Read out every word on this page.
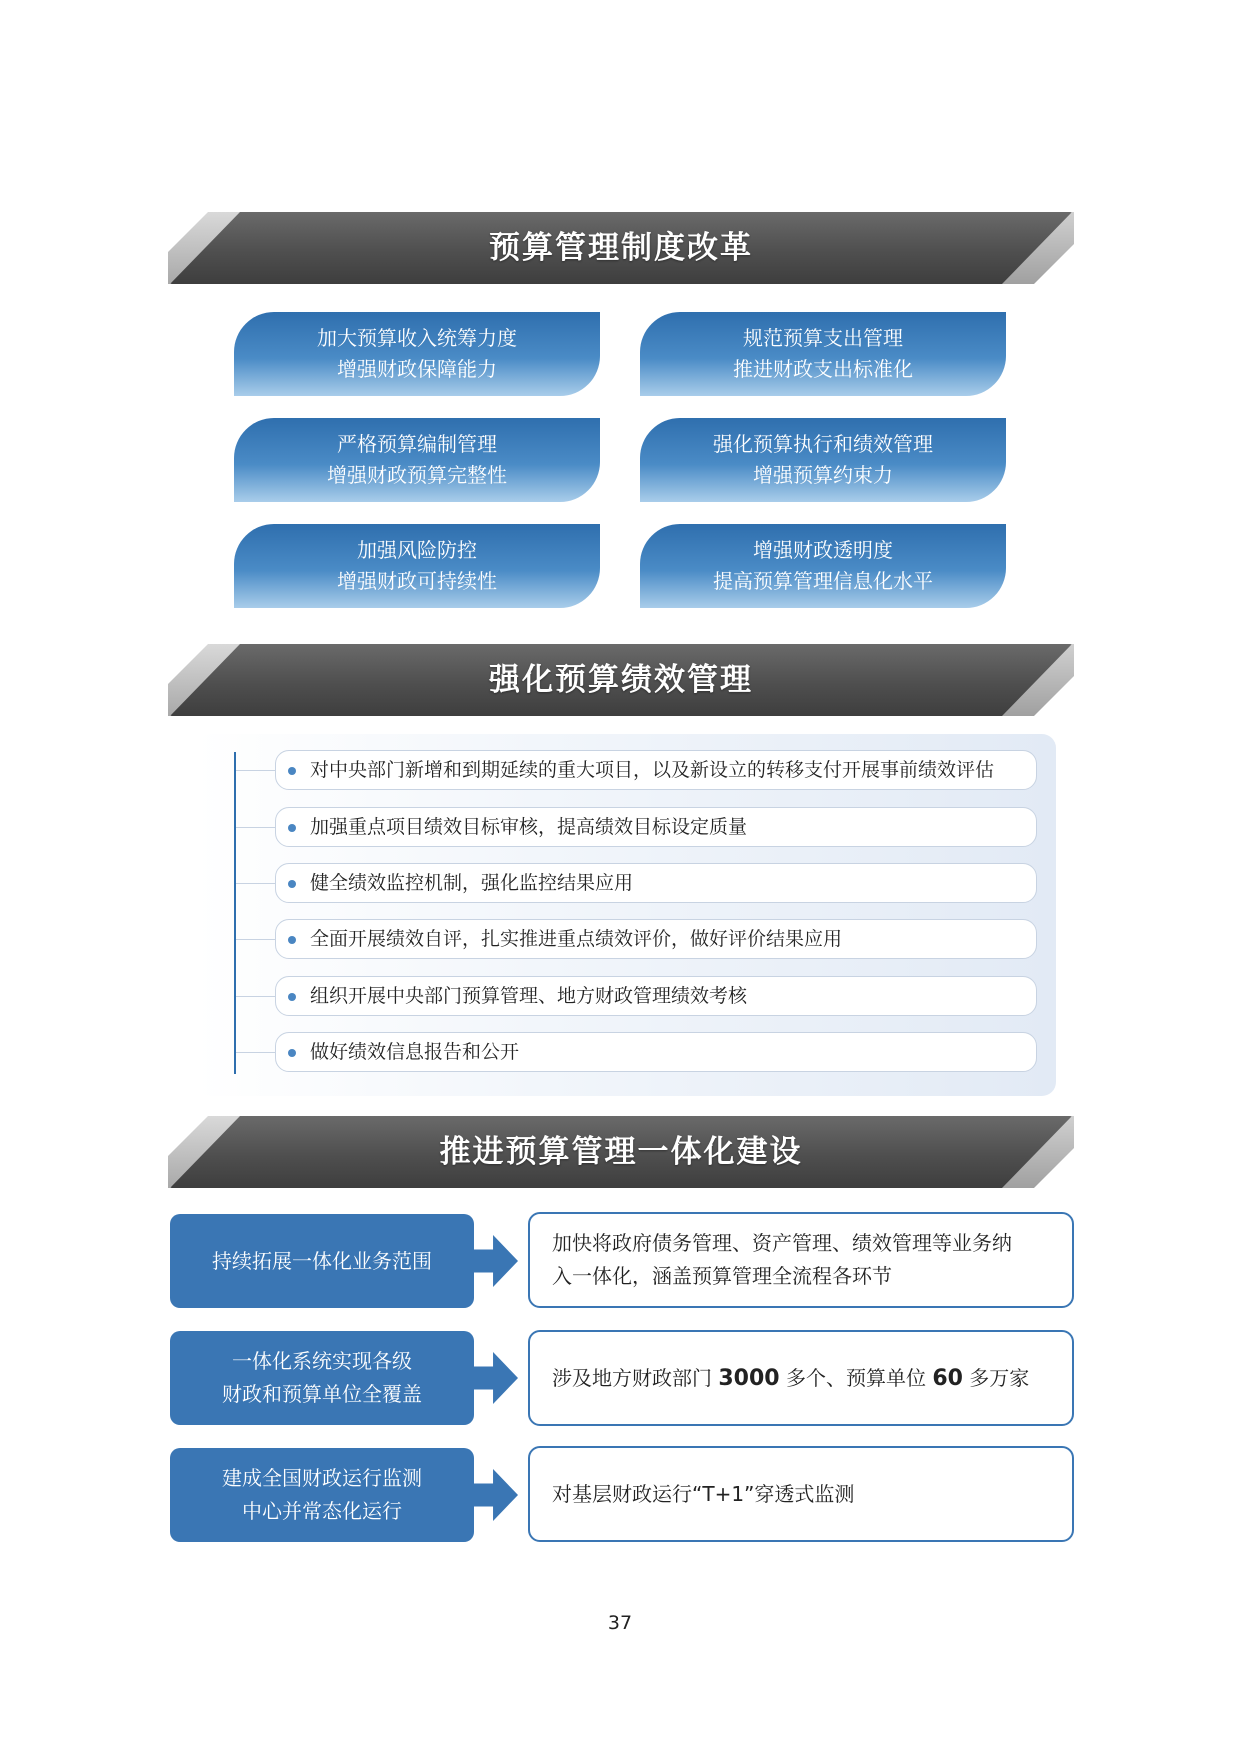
预算管理制度改革
加大预算收入统筹力度
增强财政保障能力
规范预算支出管理
推进财政支出标准化
严格预算编制管理
增强财政预算完整性
强化预算执行和绩效管理
增强预算约束力
加强风险防控
增强财政可持续性
增强财政透明度
提高预算管理信息化水平
强化预算绩效管理
对中央部门新增和到期延续的重大项目，以及新设立的转移支付开展事前绩效评估
加强重点项目绩效目标审核，提高绩效目标设定质量
健全绩效监控机制，强化监控结果应用
全面开展绩效自评，扎实推进重点绩效评价，做好评价结果应用
组织开展中央部门预算管理、地方财政管理绩效考核
做好绩效信息报告和公开
推进预算管理一体化建设
持续拓展一体化业务范围
加快将政府债务管理、资产管理、绩效管理等业务纳
入一体化，涵盖预算管理全流程各环节
一体化系统实现各级
财政和预算单位全覆盖
涉及地方财政部门 3000 多个、预算单位 60 多万家
建成全国财政运行监测
中心并常态化运行
对基层财政运行“T+1”穿透式监测
37
